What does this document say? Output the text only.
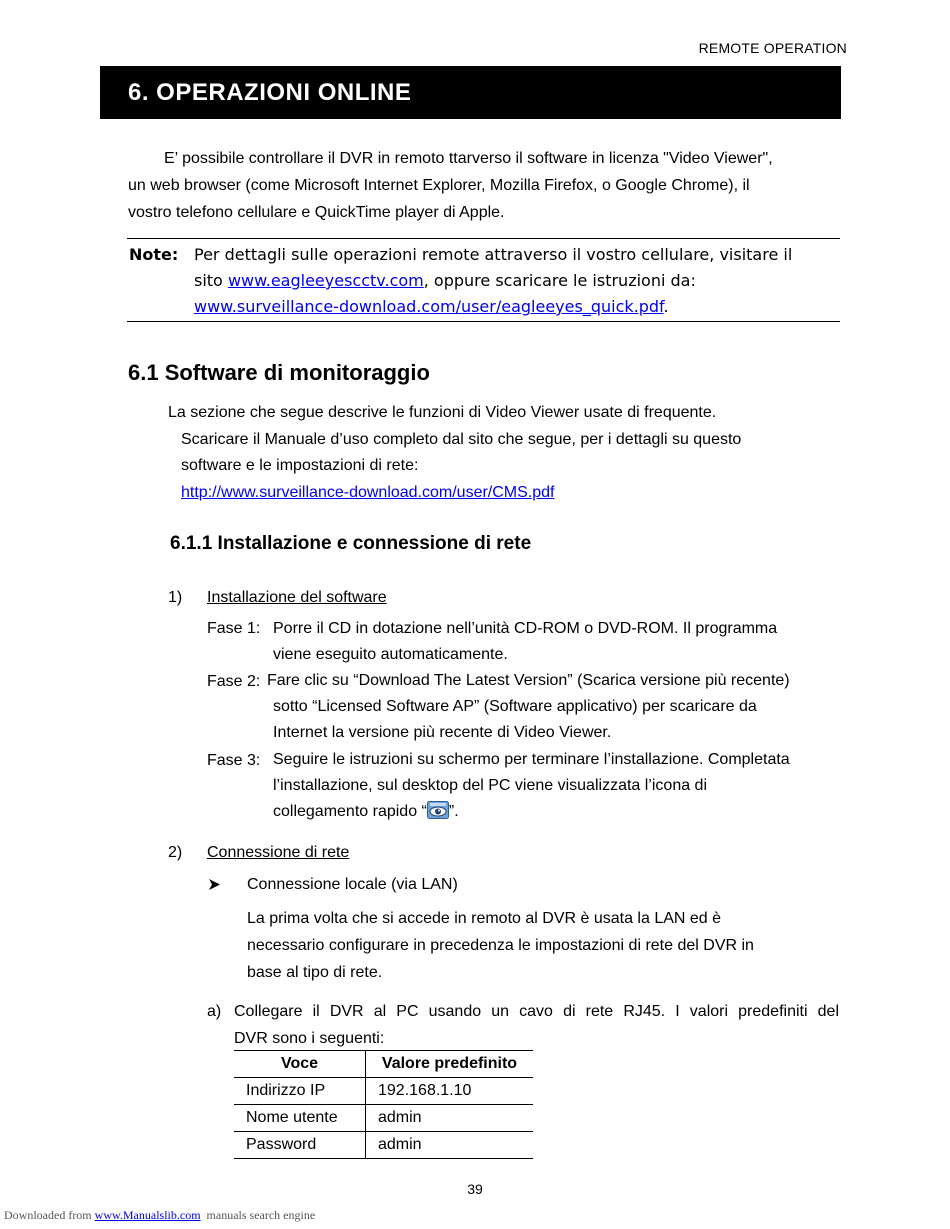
REMOTE OPERATION
6. OPERAZIONI ONLINE
E’ possibile controllare il DVR in remoto ttarverso il software in licenza "Video Viewer",
un web browser (come Microsoft Internet Explorer, Mozilla Firefox, o Google Chrome), il
vostro telefono cellulare e QuickTime player di Apple.
Note: Per dettagli sulle operazioni remote attraverso il vostro cellulare, visitare il
sito www.eagleeyescctv.com, oppure scaricare le istruzioni da:
www.surveillance-download.com/user/eagleeyes_quick.pdf.
6.1 Software di monitoraggio
La sezione che segue descrive le funzioni di Video Viewer usate di frequente.
Scaricare il Manuale d’uso completo dal sito che segue, per i dettagli su questo
software e le impostazioni di rete:
http://www.surveillance-download.com/user/CMS.pdf
6.1.1 Installazione e connessione di rete
1) Installazione del software
Fase 1: Porre il CD in dotazione nell’unità CD-ROM o DVD-ROM. Il programma
viene eseguito automaticamente.
Fase 2: Fare clic su “Download The Latest Version” (Scarica versione più recente)
sotto “Licensed Software AP” (Software applicativo) per scaricare da
Internet la versione più recente di Video Viewer.
Fase 3: Seguire le istruzioni su schermo per terminare l’installazione. Completata
l’installazione, sul desktop del PC viene visualizzata l’icona di
collegamento rapido “ ”.
2) Connessione di rete
Connessione locale (via LAN)
La prima volta che si accede in remoto al DVR è usata la LAN ed è
necessario configurare in precedenza le impostazioni di rete del DVR in
base al tipo di rete.
a) Collegare il DVR al PC usando un cavo di rete RJ45. I valori predefiniti del
DVR sono i seguenti:
Voce	Valore predefinito
Indirizzo IP	192.168.1.10
Nome utente	admin
Password	admin
39
Downloaded from www.Manualslib.com  manuals search engine
